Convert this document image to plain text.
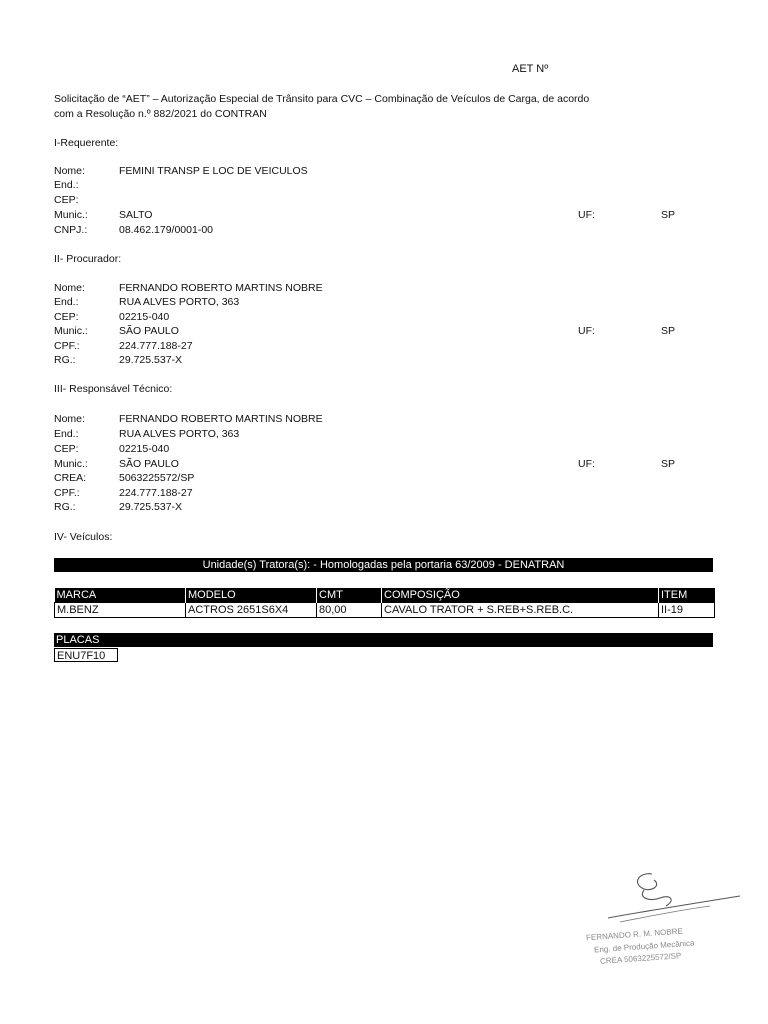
AET Nº
Solicitação de “AET” – Autorização Especial de Trânsito para CVC – Combinação de Veículos de Carga, de acordo
com a Resolução n.º 882/2021 do CONTRAN
I-Requerente:
Nome:	FEMINI TRANSP E LOC DE VEICULOS
End.:
CEP:
Munic.:	SALTO	UF:	SP
CNPJ.:	08.462.179/0001-00
II- Procurador:
Nome:	FERNANDO ROBERTO MARTINS NOBRE
End.:	RUA ALVES PORTO, 363
CEP:	02215-040
Munic.:	SÃO PAULO	UF:	SP
CPF.:	224.777.188-27
RG.:	29.725.537-X
III- Responsável Técnico:
Nome:	FERNANDO ROBERTO MARTINS NOBRE
End.:	RUA ALVES PORTO, 363
CEP:	02215-040
Munic.:	SÃO PAULO	UF:	SP
CREA:	5063225572/SP
CPF.:	224.777.188-27
RG.:	29.725.537-X
IV- Veículos:
Unidade(s) Tratora(s): - Homologadas pela portaria 63/2009 - DENATRAN
MARCA	MODELO	CMT	COMPOSIÇÃO	ITEM
M.BENZ	ACTROS 2651S6X4	80,00	CAVALO TRATOR + S.REB+S.REB.C.	II-19
PLACAS
ENU7F10
FERNANDO R. M. NOBRE
Eng. de Produção Mecânica
CREA 5063225572/SP
